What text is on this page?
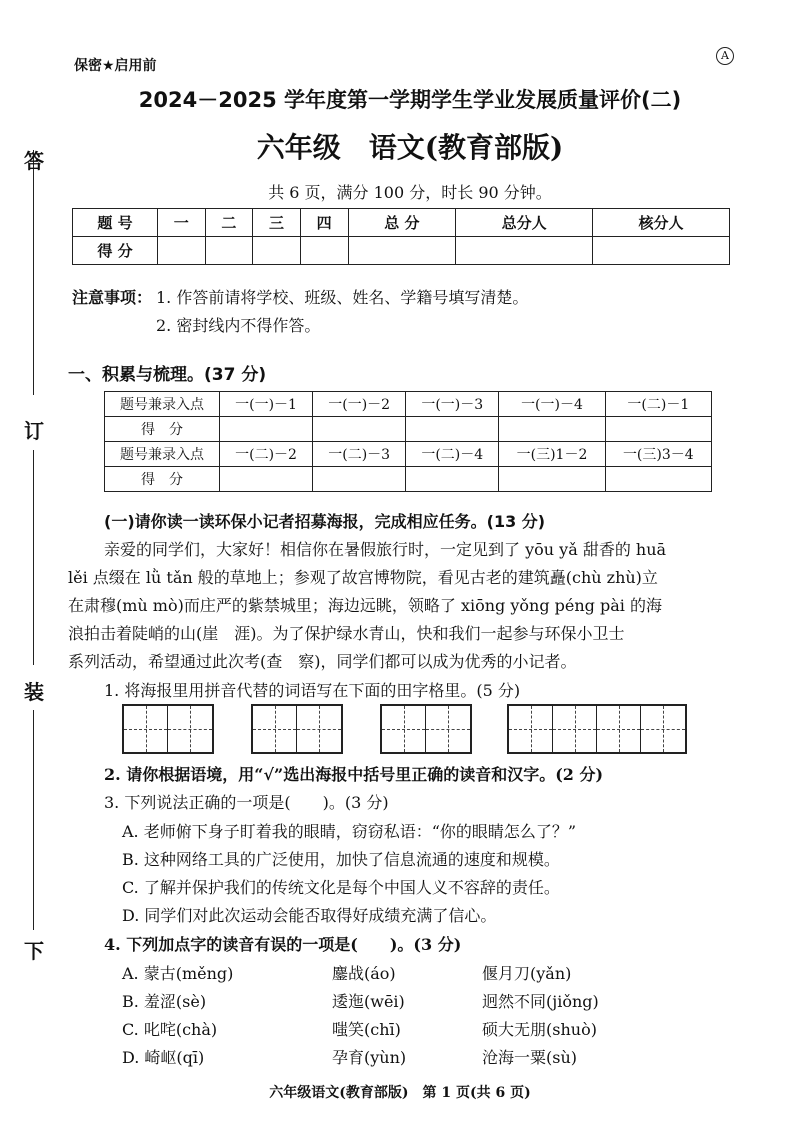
答
订
装
下
保密★启用前
A
2024－2025 学年度第一学期学生学业发展质量评价(二)
六年级　语文(教育部版)
共 6 页，满分 100 分，时长 90 分钟。
题 号	一	二	三	四	总 分	总分人	核分人
得 分							
注意事项： 1. 作答前请将学校、班级、姓名、学籍号填写清楚。
2. 密封线内不得作答。
一、积累与梳理。(37 分)
题号兼录入点	一(一)－1	一(一)－2	一(一)－3	一(一)－4	一(二)－1
得　分					
题号兼录入点	一(二)－2	一(二)－3	一(二)－4	一(三)1－2	一(三)3－4
得　分					
(一)请你读一读环保小记者招募海报，完成相应任务。(13 分)
亲爱的同学们，大家好！相信你在暑假旅行时，一定见到了 yōu yǎ 甜香的 huā
lěi 点缀在 lǜ tǎn 般的草地上；参观了故宫博物院，看见古老的建筑矗(chù zhù)立
在肃穆(mù mò)而庄严的紫禁城里；海边远眺，领略了 xiōng yǒng péng pài 的海
浪拍击着陡峭的山(崖　涯)。为了保护绿水青山，快和我们一起参与环保小卫士
系列活动，希望通过此次考(查　察)，同学们都可以成为优秀的小记者。
1. 将海报里用拼音代替的词语写在下面的田字格里。(5 分)
2. 请你根据语境，用“√”选出海报中括号里正确的读音和汉字。(2 分)
3. 下列说法正确的一项是(　　)。(3 分)
A. 老师俯下身子盯着我的眼睛，窃窃私语：“你的眼睛怎么了？”
B. 这种网络工具的广泛使用，加快了信息流通的速度和规模。
C. 了解并保护我们的传统文化是每个中国人义不容辞的责任。
D. 同学们对此次运动会能否取得好成绩充满了信心。
4. 下列加点字的读音有误的一项是(　　)。(3 分)
A. 蒙古(měng)	鏖战(áo)	偃月刀(yǎn)
B. 羞涩(sè)	逶迤(wēi)	迥然不同(jiǒng)
C. 叱咤(chà)	嗤笑(chī)	硕大无朋(shuò)
D. 崎岖(qī)	孕育(yùn)	沧海一粟(sù)
六年级语文(教育部版)　第 1 页(共 6 页)
